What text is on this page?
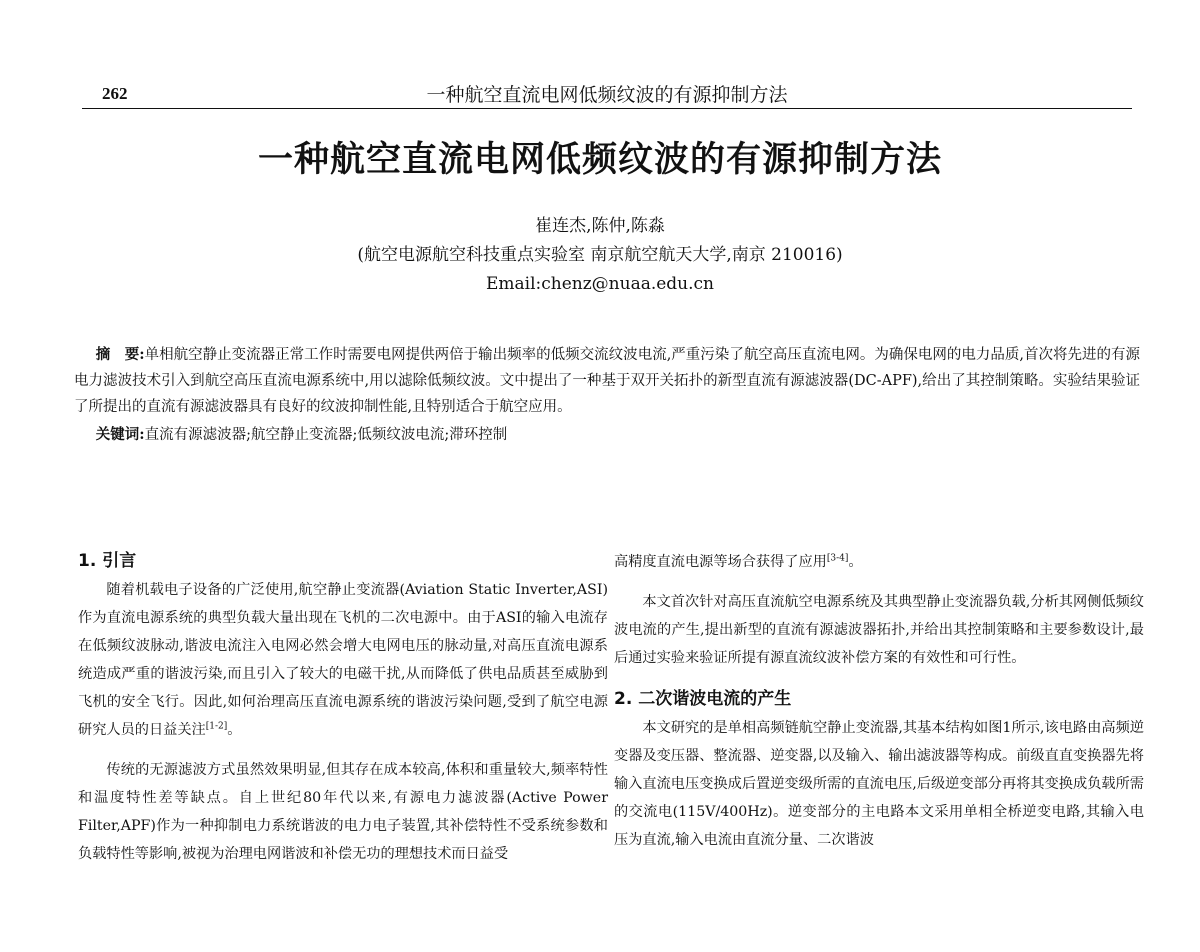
262	一种航空直流电网低频纹波的有源抑制方法
一种航空直流电网低频纹波的有源抑制方法
崔连杰,陈仲,陈淼
(航空电源航空科技重点实验室 南京航空航天大学,南京 210016)
Email:chenz@nuaa.edu.cn

摘　要:单相航空静止变流器正常工作时需要电网提供两倍于输出频率的低频交流纹波电流,严重污染了航空高压直流电网。为确保电网的电力品质,首次将先进的有源电力滤波技术引入到航空高压直流电源系统中,用以滤除低频纹波。文中提出了一种基于双开关拓扑的新型直流有源滤波器(DC-APF),给出了其控制策略。实验结果验证了所提出的直流有源滤波器具有良好的纹波抑制性能,且特别适合于航空应用。

关键词:直流有源滤波器;航空静止变流器;低频纹波电流;滞环控制

1. 引言

随着机载电子设备的广泛使用,航空静止变流器(Aviation Static Inverter,ASI)作为直流电源系统的典型负载大量出现在飞机的二次电源中。由于ASI的输入电流存在低频纹波脉动,谐波电流注入电网必然会增大电网电压的脉动量,对高压直流电源系统造成严重的谐波污染,而且引入了较大的电磁干扰,从而降低了供电品质甚至威胁到飞机的安全飞行。因此,如何治理高压直流电源系统的谐波污染问题,受到了航空电源研究人员的日益关注[1-2]。

传统的无源滤波方式虽然效果明显,但其存在成本较高,体积和重量较大,频率特性和温度特性差等缺点。自上世纪80年代以来,有源电力滤波器(Active Power Filter,APF)作为一种抑制电力系统谐波的电力电子装置,其补偿特性不受系统参数和负载特性等影响,被视为治理电网谐波和补偿无功的理想技术而日益受

高精度直流电源等场合获得了应用[3-4]。

本文首次针对高压直流航空电源系统及其典型静止变流器负载,分析其网侧低频纹波电流的产生,提出新型的直流有源滤波器拓扑,并给出其控制策略和主要参数设计,最后通过实验来验证所提有源直流纹波补偿方案的有效性和可行性。

2. 二次谐波电流的产生

本文研究的是单相高频链航空静止变流器,其基本结构如图1所示,该电路由高频逆变器及变压器、整流器、逆变器,以及输入、输出滤波器等构成。前级直直变换器先将输入直流电压变换成后置逆变级所需的直流电压,后级逆变部分再将其变换成负载所需的交流电(115V/400Hz)。逆变部分的主电路本文采用单相全桥逆变电路,其输入电压为直流,输入电流由直流分量、二次谐波
